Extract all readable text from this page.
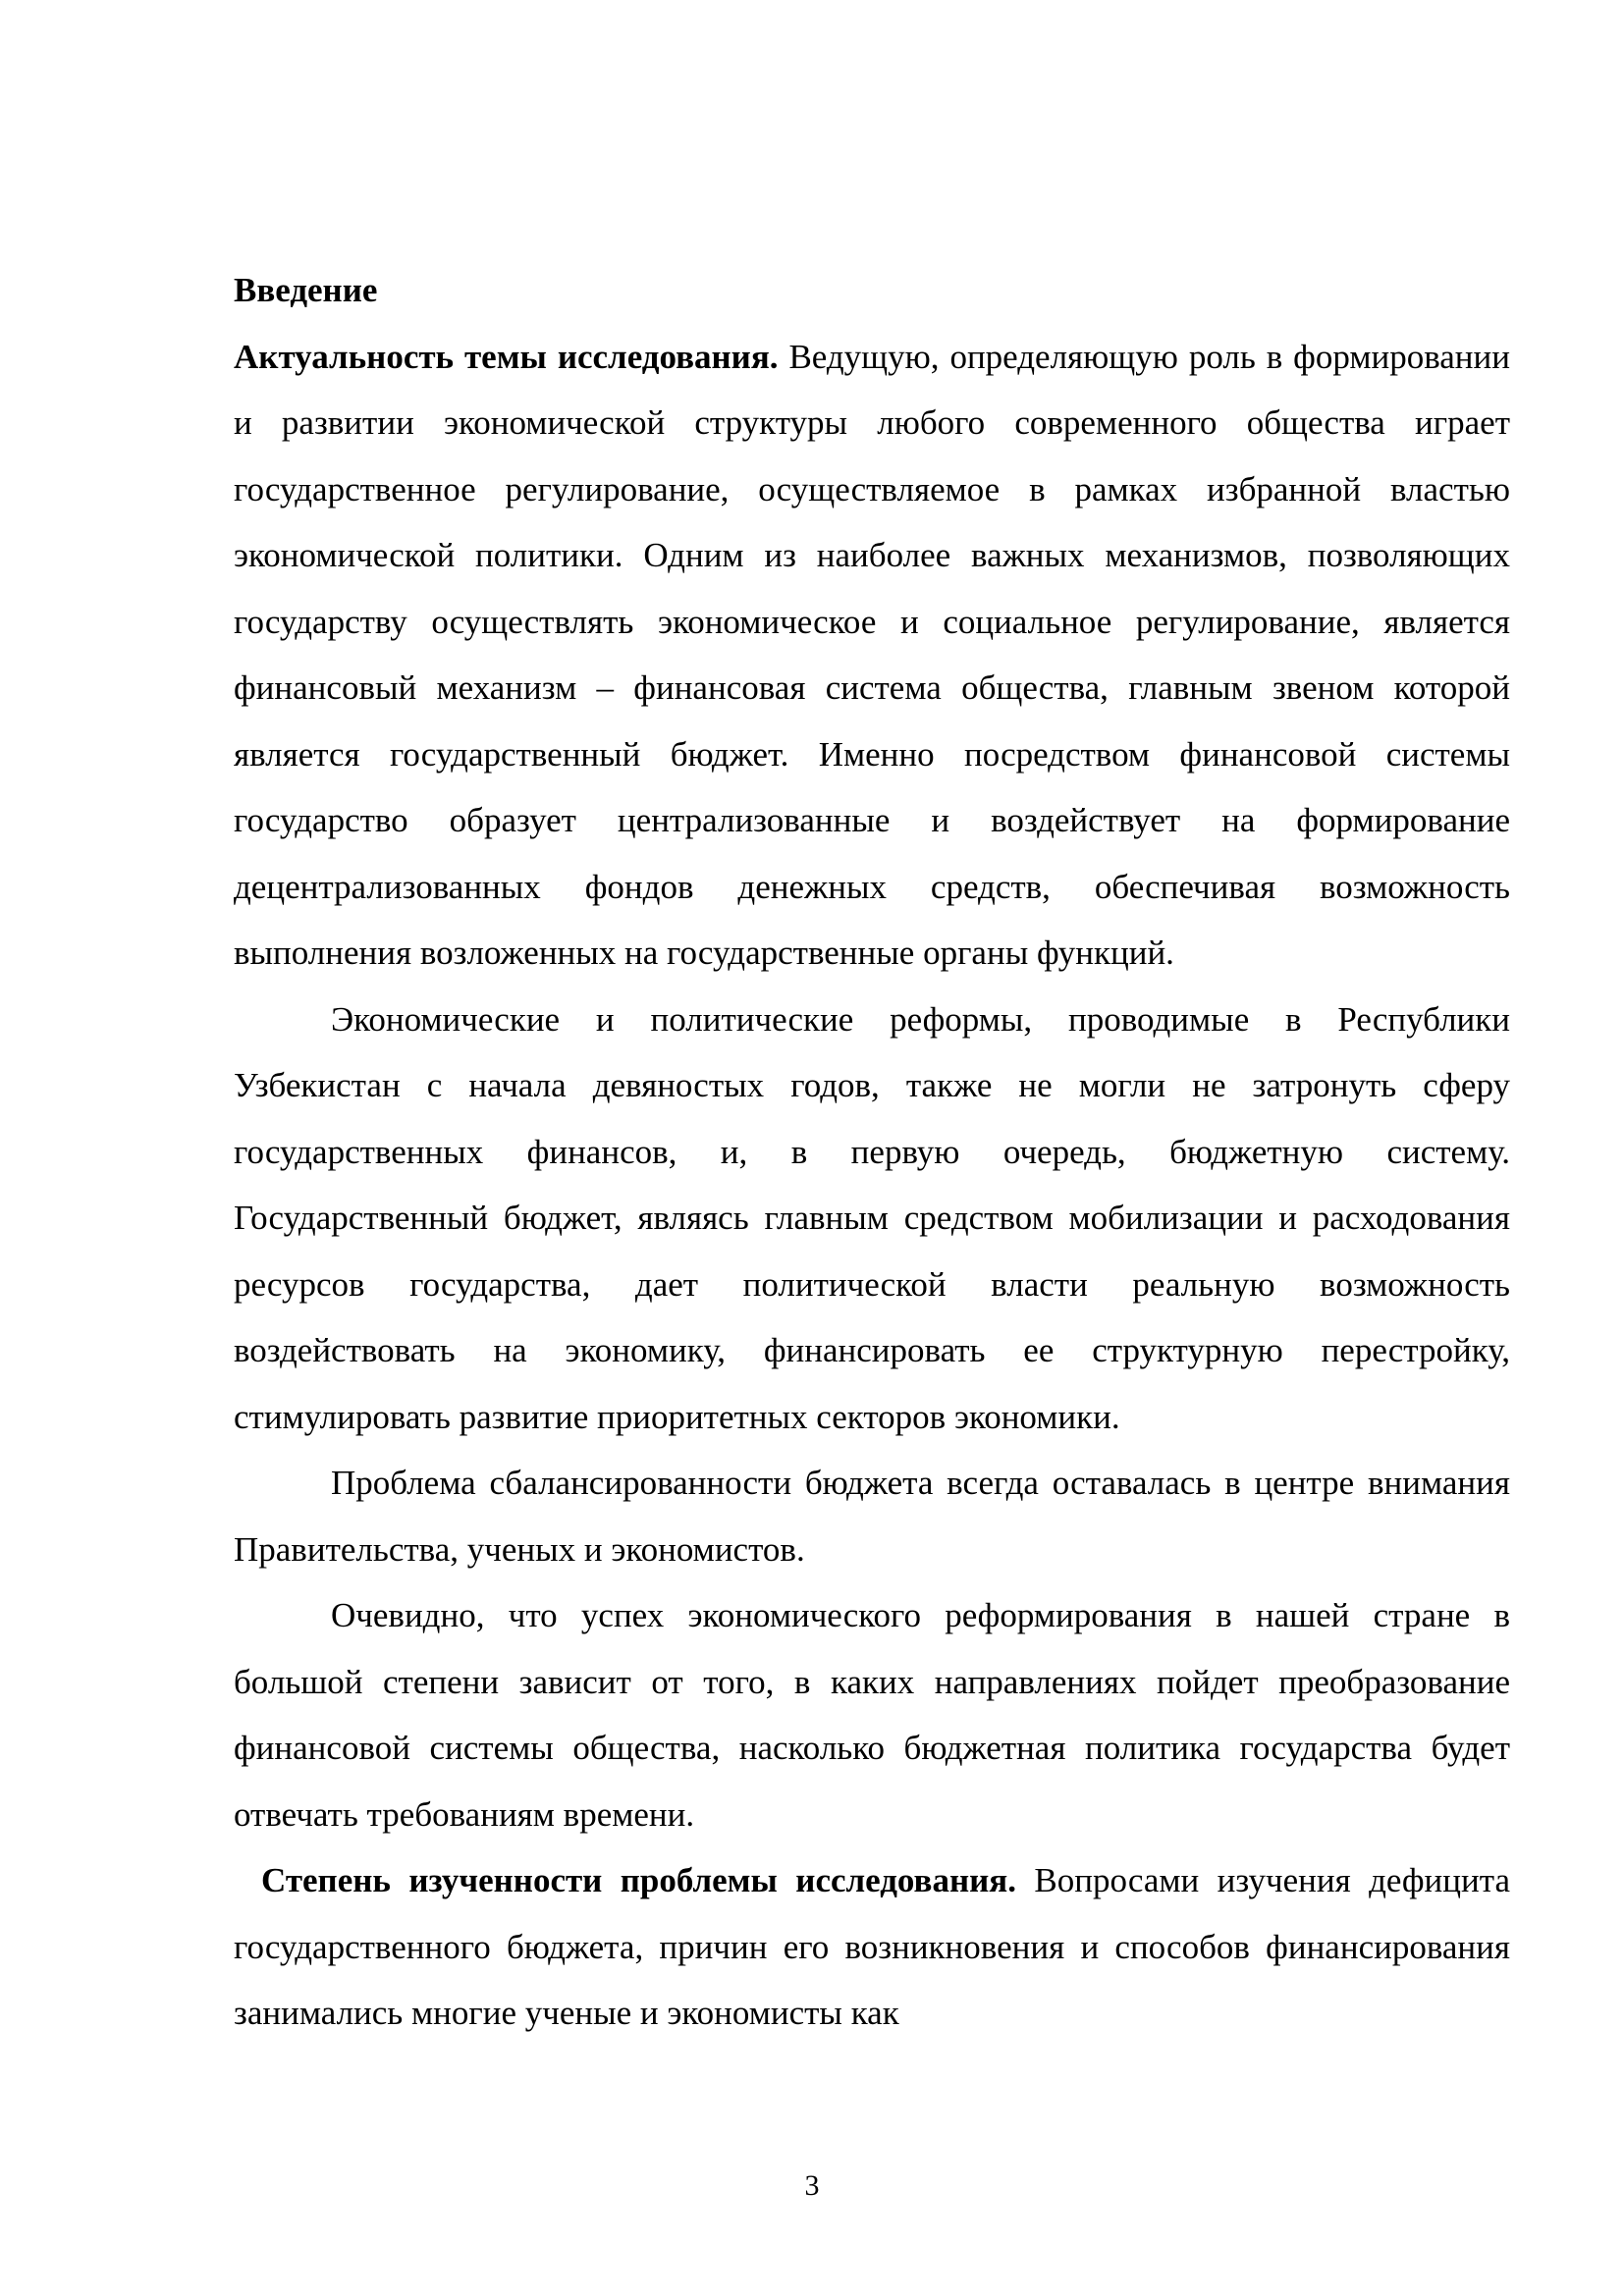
Введение

Актуальность темы исследования. Ведущую, определяющую роль в формировании и развитии экономической структуры любого современного общества играет государственное регулирование, осуществляемое в рамках избранной властью экономической политики. Одним из наиболее важных механизмов, позволяющих государству осуществлять экономическое и социальное регулирование, является финансовый механизм – финансовая система общества, главным звеном которой является государственный бюджет. Именно посредством финансовой системы государство образует централизованные и воздействует на формирование децентрализованных фондов денежных средств, обеспечивая возможность выполнения возложенных на государственные органы функций.

Экономические и политические реформы, проводимые в Республики Узбекистан с начала девяностых годов, также не могли не затронуть сферу государственных финансов, и, в первую очередь, бюджетную систему. Государственный бюджет, являясь главным средством мобилизации и расходования ресурсов государства, дает политической власти реальную возможность воздействовать на экономику, финансировать ее структурную перестройку, стимулировать развитие приоритетных секторов экономики.

Проблема сбалансированности бюджета всегда оставалась в центре внимания Правительства, ученых и экономистов.

Очевидно, что успех экономического реформирования в нашей стране в большой степени зависит от того, в каких направлениях пойдет преобразование финансовой системы общества, насколько бюджетная политика государства будет отвечать требованиям времени.

Степень изученности проблемы исследования. Вопросами изучения дефицита государственного бюджета, причин его возникновения и способов финансирования занимались многие ученые и экономисты как

3
